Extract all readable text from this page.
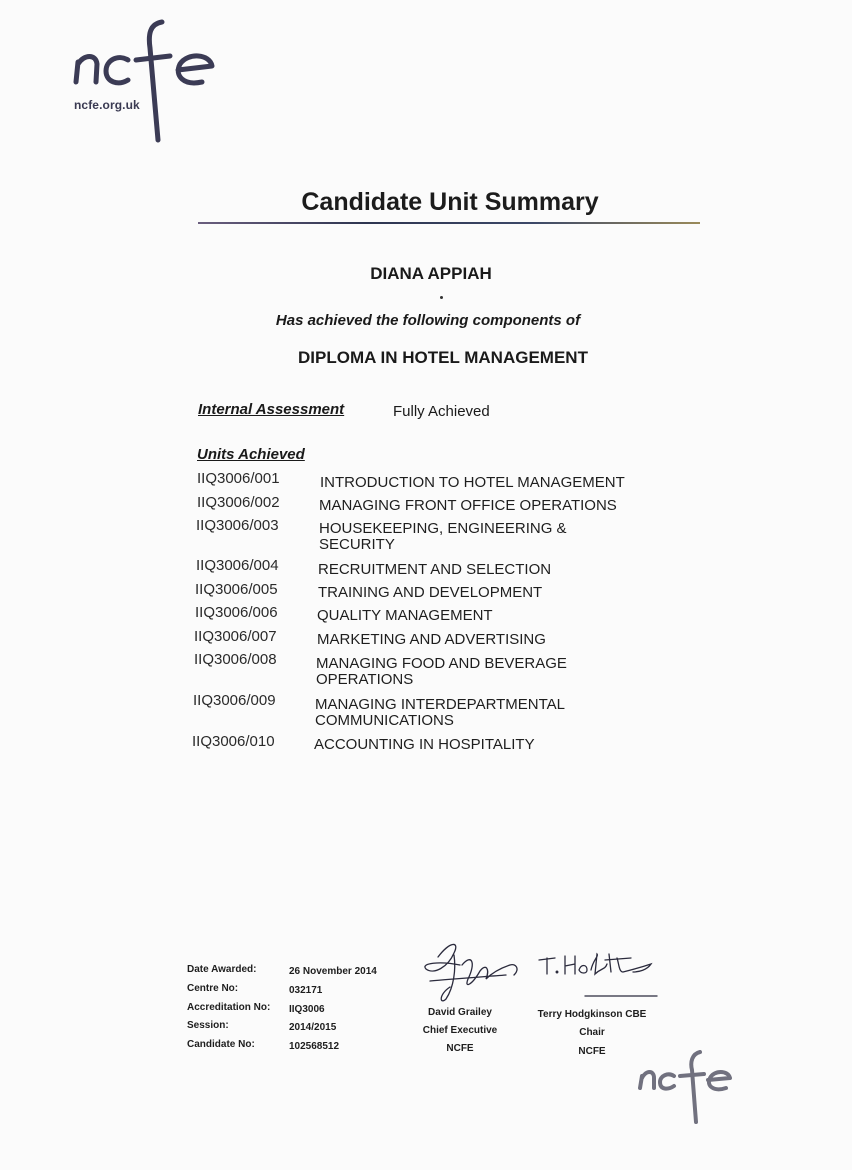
ncfe.org.uk
Candidate Unit Summary
DIANA APPIAH
Has achieved the following components of
DIPLOMA IN HOTEL MANAGEMENT
Internal Assessment	Fully Achieved
Units Achieved
IIQ3006/001	INTRODUCTION TO HOTEL MANAGEMENT
IIQ3006/002	MANAGING FRONT OFFICE OPERATIONS
IIQ3006/003	HOUSEKEEPING, ENGINEERING & SECURITY
IIQ3006/004	RECRUITMENT AND SELECTION
IIQ3006/005	TRAINING AND DEVELOPMENT
IIQ3006/006	QUALITY MANAGEMENT
IIQ3006/007	MARKETING AND ADVERTISING
IIQ3006/008	MANAGING FOOD AND BEVERAGE OPERATIONS
IIQ3006/009	MANAGING INTERDEPARTMENTAL COMMUNICATIONS
IIQ3006/010	ACCOUNTING IN HOSPITALITY
Date Awarded:	26 November 2014
Centre No:	032171
Accreditation No: IIQ3006
Session:	2014/2015
Candidate No:	102568512
David Grailey
Chief Executive
NCFE
Terry Hodgkinson CBE
Chair
NCFE
